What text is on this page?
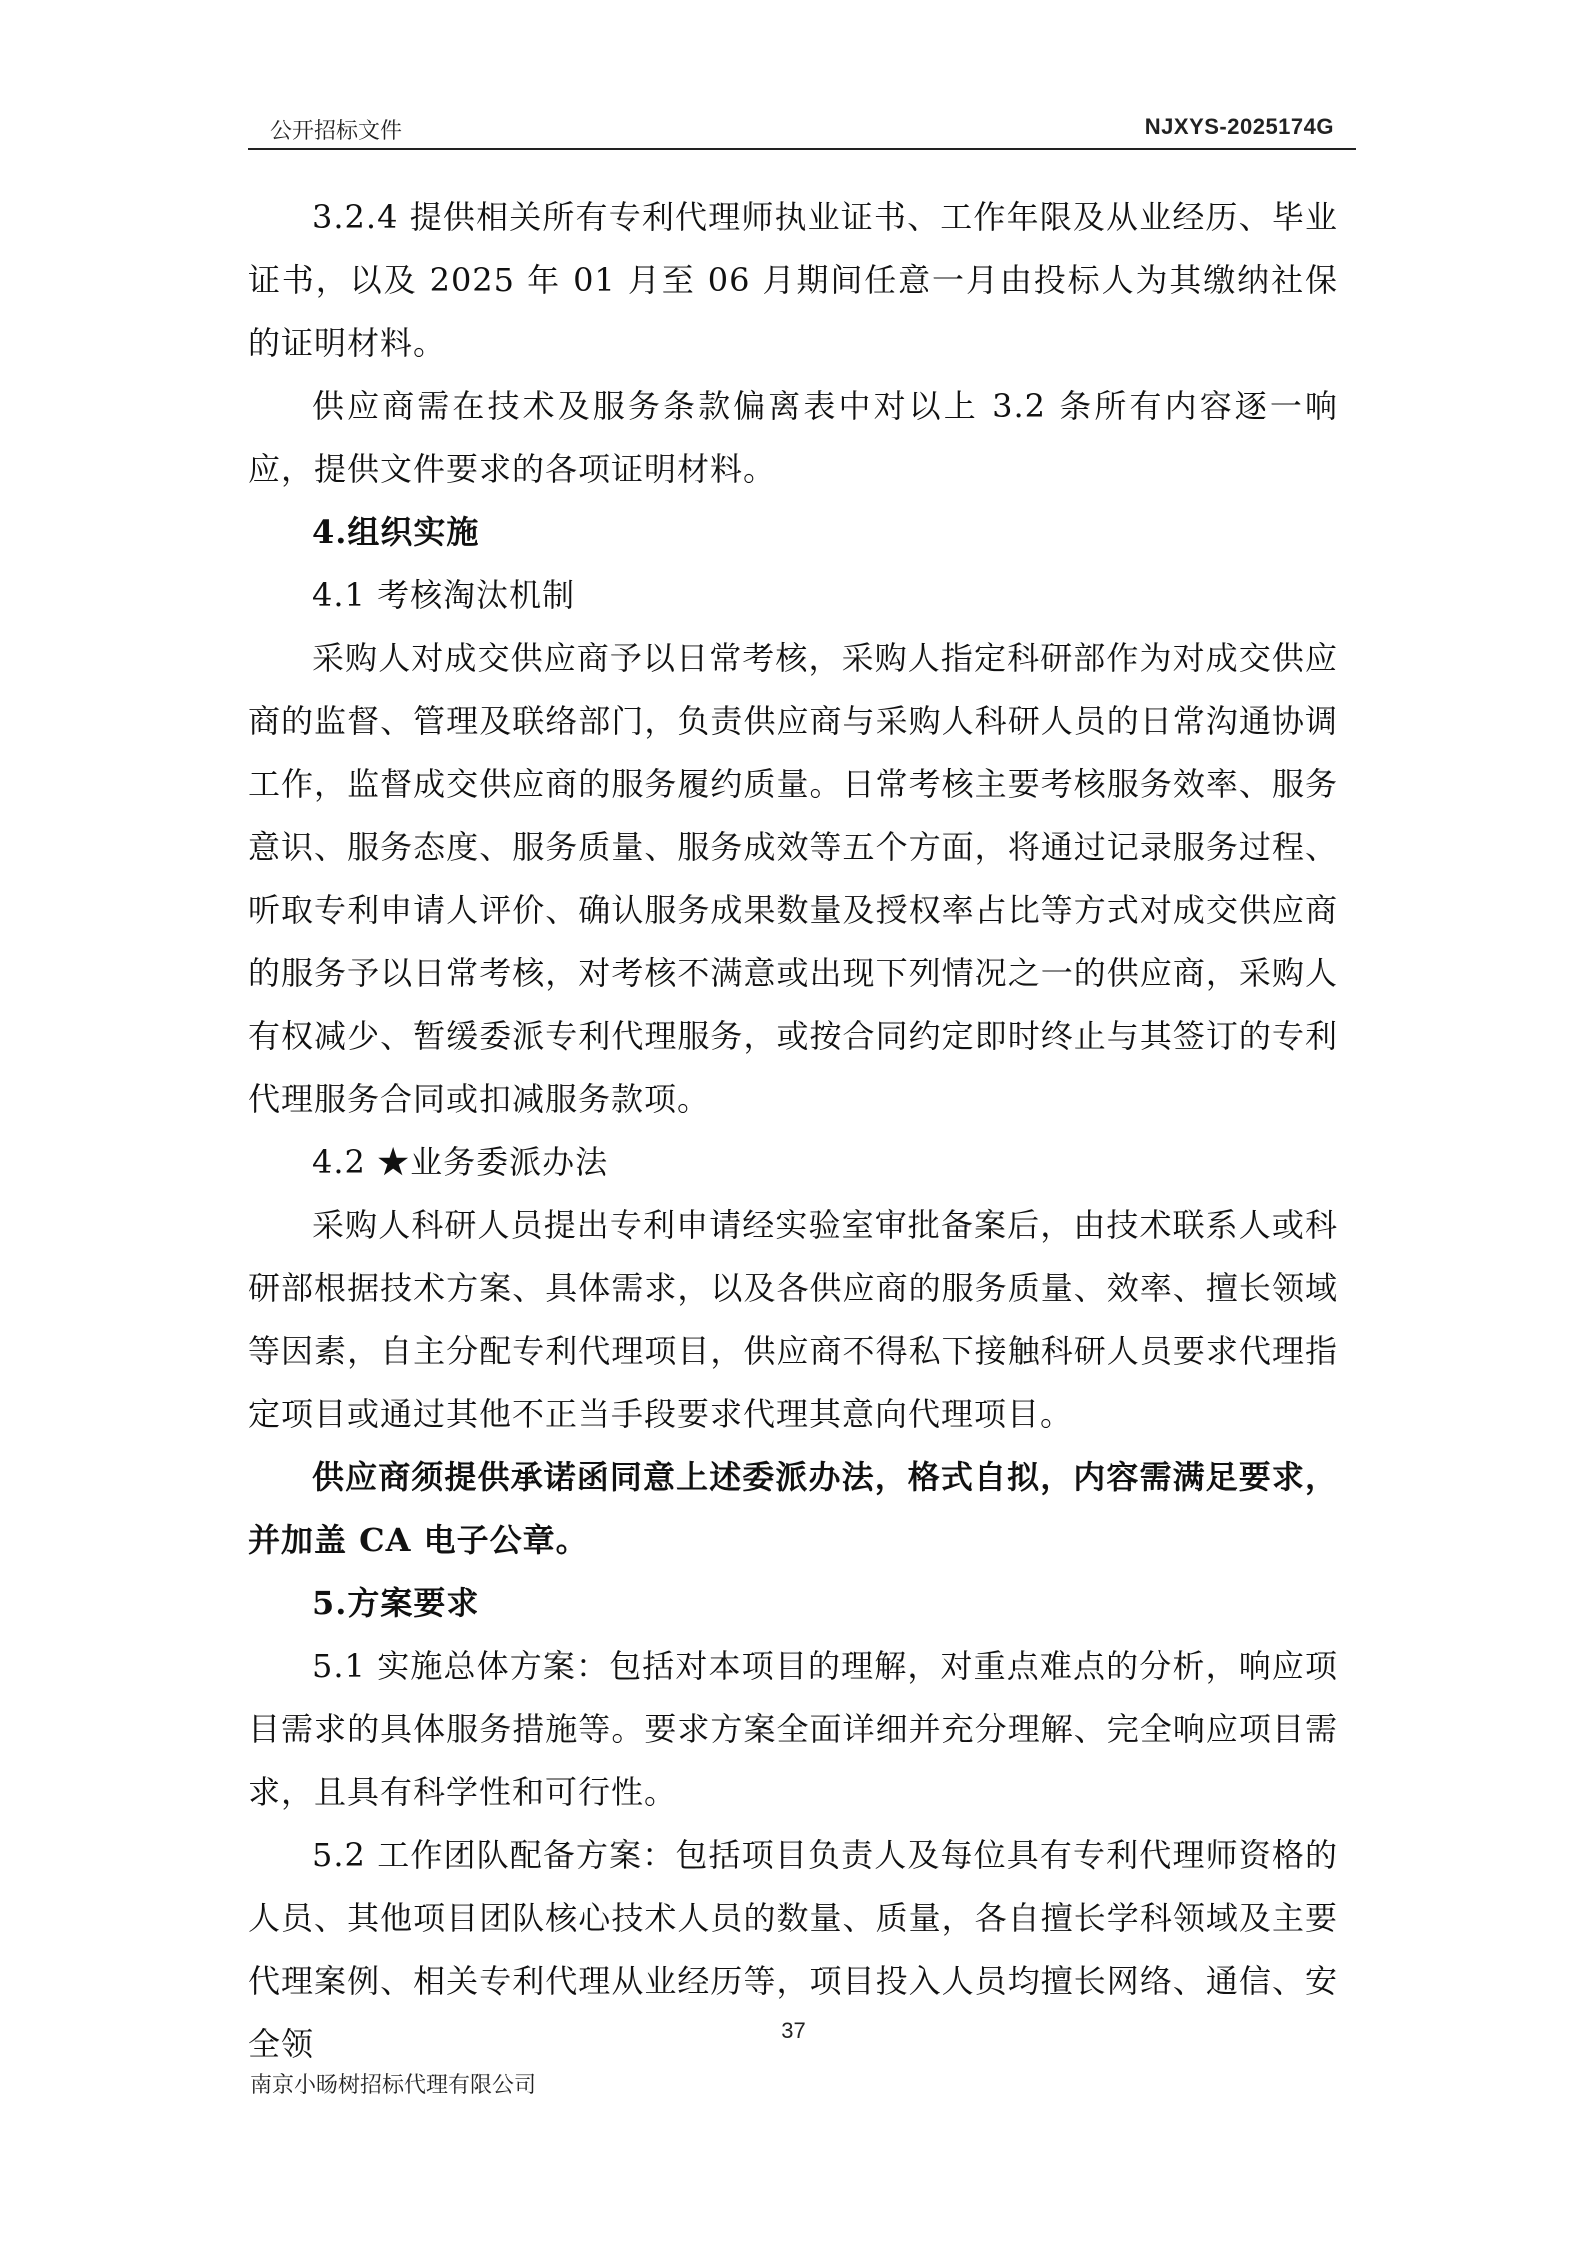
公开招标文件	NJXYS-2025174G

3.2.4 提供相关所有专利代理师执业证书、工作年限及从业经历、毕业证书，以及 2025 年 01 月至 06 月期间任意一月由投标人为其缴纳社保的证明材料。

供应商需在技术及服务条款偏离表中对以上 3.2 条所有内容逐一响应，提供文件要求的各项证明材料。

4.组织实施

4.1 考核淘汰机制

采购人对成交供应商予以日常考核，采购人指定科研部作为对成交供应商的监督、管理及联络部门，负责供应商与采购人科研人员的日常沟通协调工作，监督成交供应商的服务履约质量。日常考核主要考核服务效率、服务意识、服务态度、服务质量、服务成效等五个方面，将通过记录服务过程、听取专利申请人评价、确认服务成果数量及授权率占比等方式对成交供应商的服务予以日常考核，对考核不满意或出现下列情况之一的供应商，采购人有权减少、暂缓委派专利代理服务，或按合同约定即时终止与其签订的专利代理服务合同或扣减服务款项。

4.2 ★业务委派办法

采购人科研人员提出专利申请经实验室审批备案后，由技术联系人或科研部根据技术方案、具体需求，以及各供应商的服务质量、效率、擅长领域等因素，自主分配专利代理项目，供应商不得私下接触科研人员要求代理指定项目或通过其他不正当手段要求代理其意向代理项目。

供应商须提供承诺函同意上述委派办法，格式自拟，内容需满足要求，并加盖 CA 电子公章。

5.方案要求

5.1 实施总体方案：包括对本项目的理解，对重点难点的分析，响应项目需求的具体服务措施等。要求方案全面详细并充分理解、完全响应项目需求，且具有科学性和可行性。

5.2 工作团队配备方案：包括项目负责人及每位具有专利代理师资格的人员、其他项目团队核心技术人员的数量、质量，各自擅长学科领域及主要代理案例、相关专利代理从业经历等，项目投入人员均擅长网络、通信、安全领	37
南京小旸树招标代理有限公司
